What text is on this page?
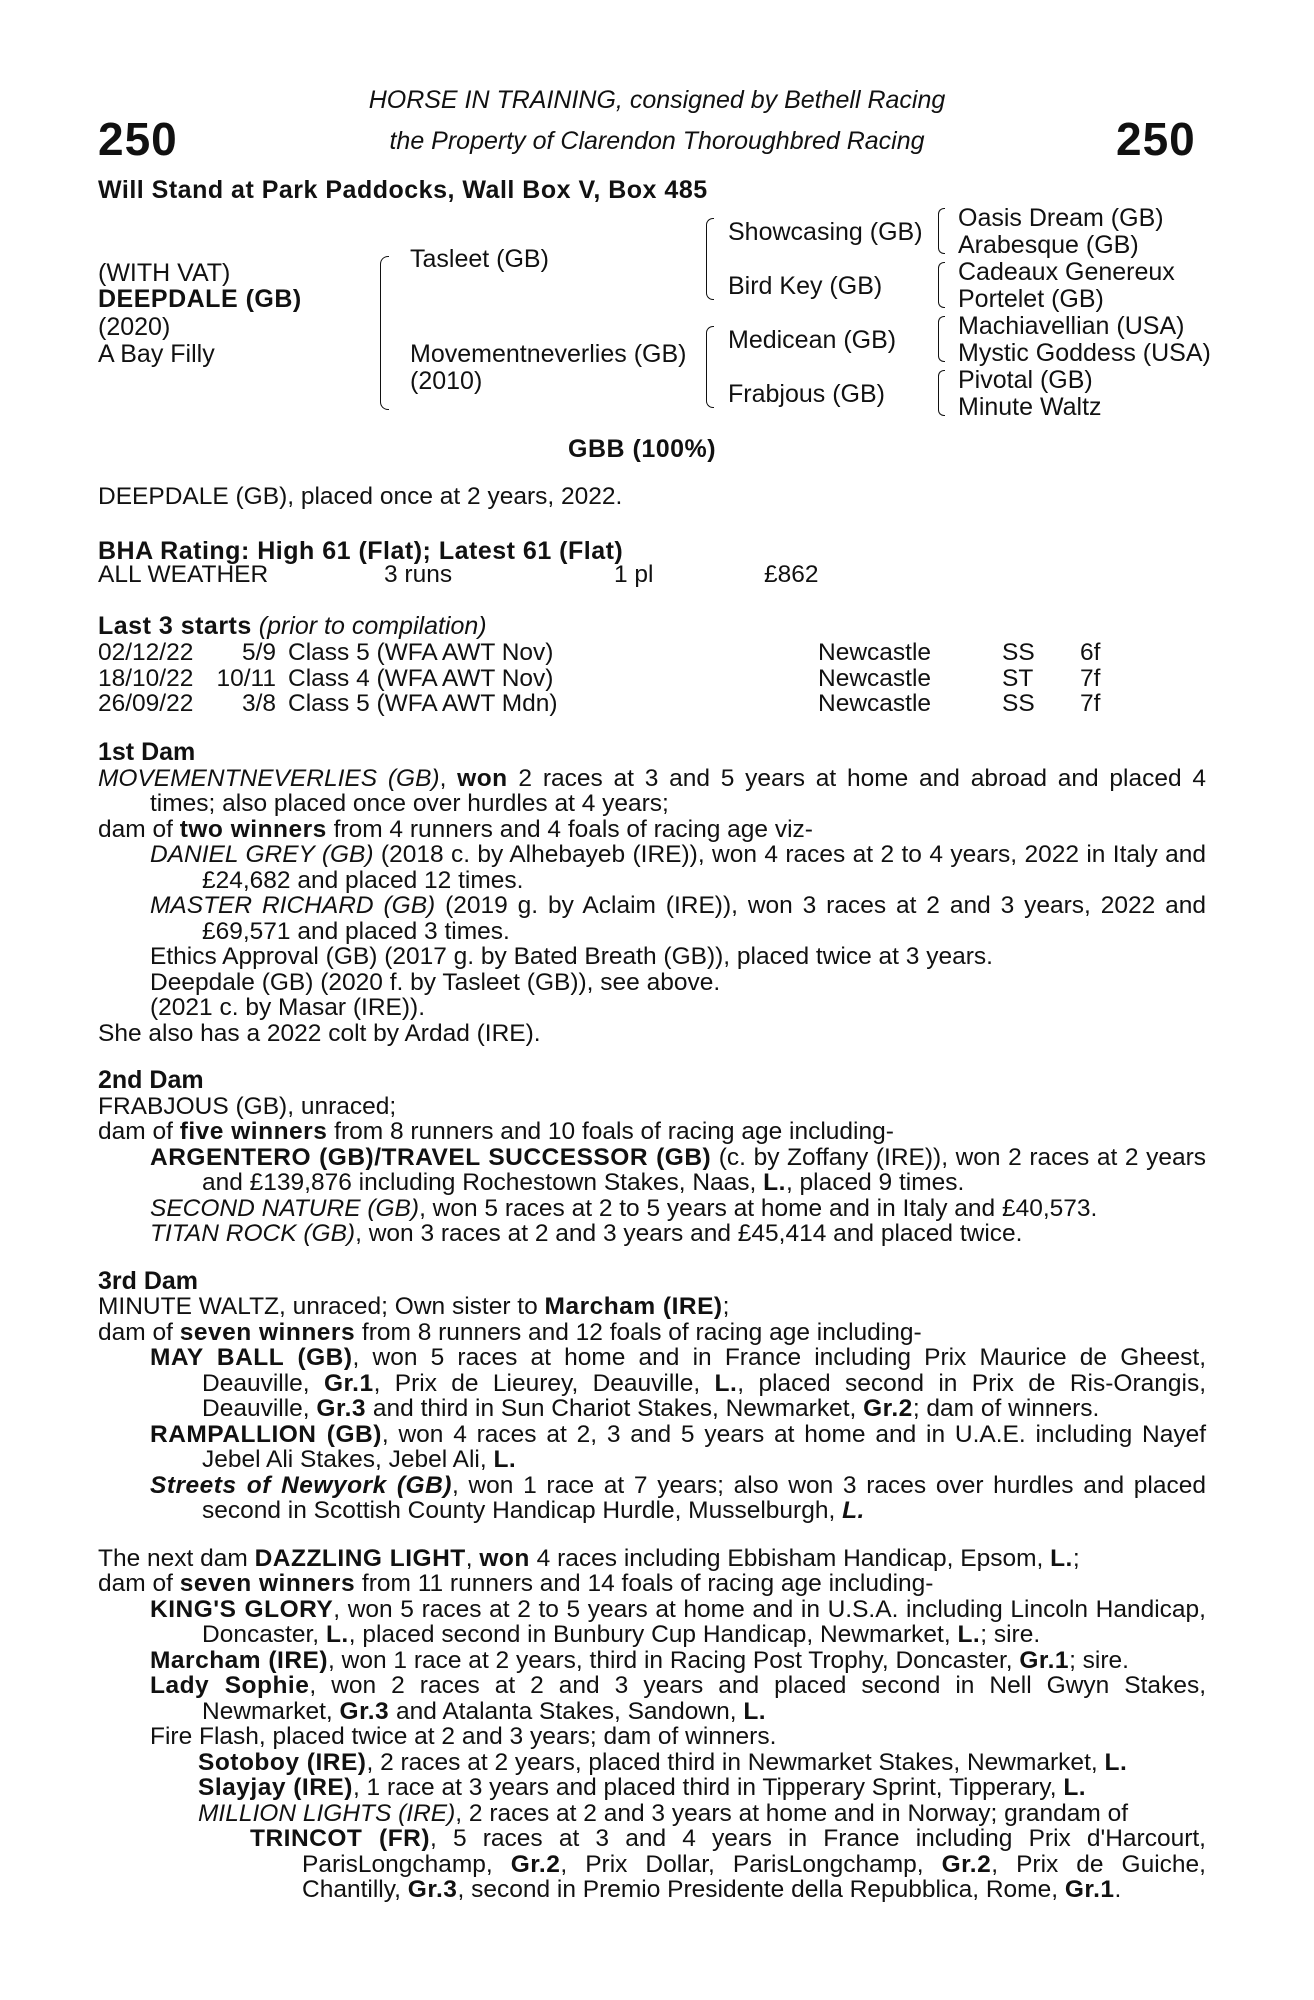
250	250
HORSE IN TRAINING, consigned by Bethell Racing
the Property of Clarendon Thoroughbred Racing
Will Stand at Park Paddocks, Wall Box V, Box 485
(WITH VAT)
DEEPDALE (GB)
(2020)
A Bay Filly
Tasleet (GB)
Movementneverlies (GB)
(2010)
Showcasing (GB)
Bird Key (GB)
Medicean (GB)
Frabjous (GB)
Oasis Dream (GB)
Arabesque (GB)
Cadeaux Genereux
Portelet (GB)
Machiavellian (USA)
Mystic Goddess (USA)
Pivotal (GB)
Minute Waltz
GBB (100%)
DEEPDALE (GB), placed once at 2 years, 2022.
BHA Rating: High 61 (Flat); Latest 61 (Flat)
ALL WEATHER	3 runs	1 pl	£862
Last 3 starts (prior to compilation)
02/12/22	5/9	Class 5 (WFA AWT Nov)	Newcastle	SS	6f
18/10/22	10/11	Class 4 (WFA AWT Nov)	Newcastle	ST	7f
26/09/22	3/8	Class 5 (WFA AWT Mdn)	Newcastle	SS	7f

1st Dam

MOVEMENTNEVERLIES (GB), won 2 races at 3 and 5 years at home and abroad and placed 4 times; also placed once over hurdles at 4 years;

dam of two winners from 4 runners and 4 foals of racing age viz-

DANIEL GREY (GB) (2018 c. by Alhebayeb (IRE)), won 4 races at 2 to 4 years, 2022 in Italy and £24,682 and placed 12 times.

MASTER RICHARD (GB) (2019 g. by Aclaim (IRE)), won 3 races at 2 and 3 years, 2022 and £69,571 and placed 3 times.

Ethics Approval (GB) (2017 g. by Bated Breath (GB)), placed twice at 3 years.

Deepdale (GB) (2020 f. by Tasleet (GB)), see above.

(2021 c. by Masar (IRE)).

She also has a 2022 colt by Ardad (IRE).

2nd Dam

FRABJOUS (GB), unraced;

dam of five winners from 8 runners and 10 foals of racing age including-

ARGENTERO (GB)/TRAVEL SUCCESSOR (GB) (c. by Zoffany (IRE)), won 2 races at 2 years and £139,876 including Rochestown Stakes, Naas, L., placed 9 times.

SECOND NATURE (GB), won 5 races at 2 to 5 years at home and in Italy and £40,573.

TITAN ROCK (GB), won 3 races at 2 and 3 years and £45,414 and placed twice.

3rd Dam

MINUTE WALTZ, unraced; Own sister to Marcham (IRE);

dam of seven winners from 8 runners and 12 foals of racing age including-

MAY BALL (GB), won 5 races at home and in France including Prix Maurice de Gheest, Deauville, Gr.1, Prix de Lieurey, Deauville, L., placed second in Prix de Ris-Orangis, Deauville, Gr.3 and third in Sun Chariot Stakes, Newmarket, Gr.2; dam of winners.

RAMPALLION (GB), won 4 races at 2, 3 and 5 years at home and in U.A.E. including Nayef Jebel Ali Stakes, Jebel Ali, L.

Streets of Newyork (GB), won 1 race at 7 years; also won 3 races over hurdles and placed second in Scottish County Handicap Hurdle, Musselburgh, L.

The next dam DAZZLING LIGHT, won 4 races including Ebbisham Handicap, Epsom, L.;

dam of seven winners from 11 runners and 14 foals of racing age including-

KING'S GLORY, won 5 races at 2 to 5 years at home and in U.S.A. including Lincoln Handicap, Doncaster, L., placed second in Bunbury Cup Handicap, Newmarket, L.; sire.

Marcham (IRE), won 1 race at 2 years, third in Racing Post Trophy, Doncaster, Gr.1; sire.

Lady Sophie, won 2 races at 2 and 3 years and placed second in Nell Gwyn Stakes, Newmarket, Gr.3 and Atalanta Stakes, Sandown, L.

Fire Flash, placed twice at 2 and 3 years; dam of winners.

Sotoboy (IRE), 2 races at 2 years, placed third in Newmarket Stakes, Newmarket, L.

Slayjay (IRE), 1 race at 3 years and placed third in Tipperary Sprint, Tipperary, L.

MILLION LIGHTS (IRE), 2 races at 2 and 3 years at home and in Norway; grandam of

TRINCOT (FR), 5 races at 3 and 4 years in France including Prix d'Harcourt, ParisLongchamp, Gr.2, Prix Dollar, ParisLongchamp, Gr.2, Prix de Guiche, Chantilly, Gr.3, second in Premio Presidente della Repubblica, Rome, Gr.1.
